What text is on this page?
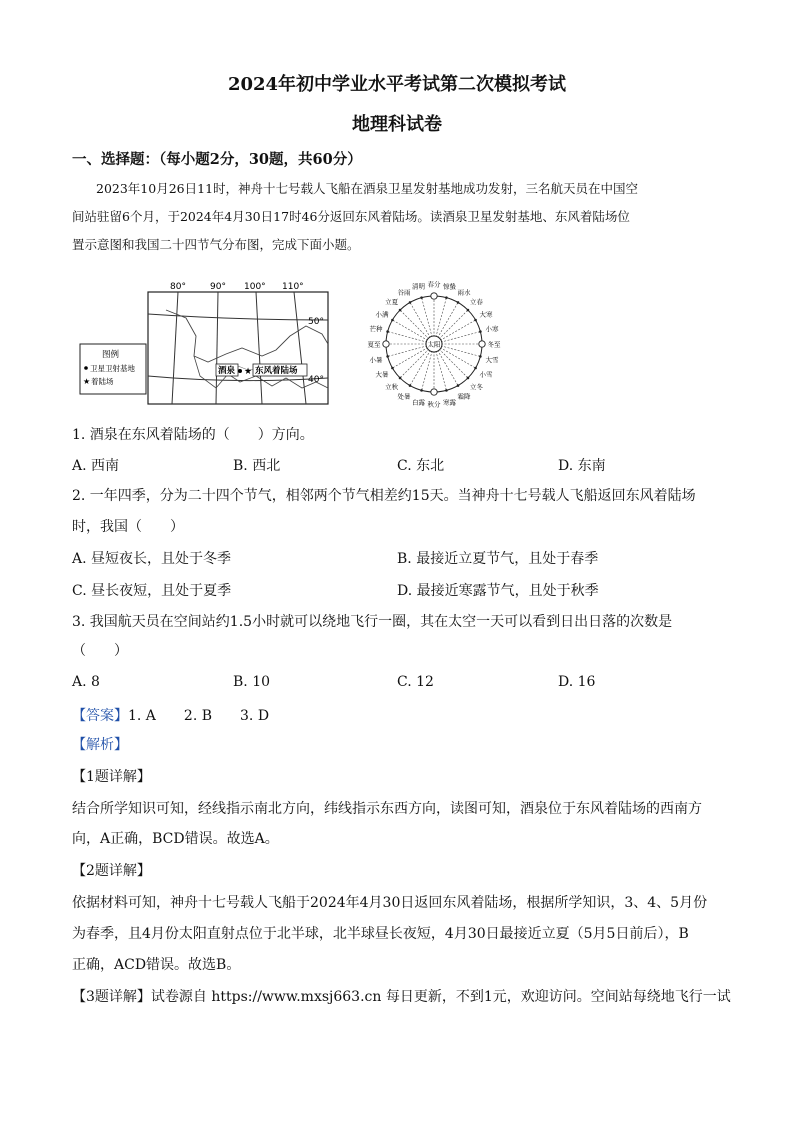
2024年初中学业水平考试第二次模拟考试
地理科试卷
一、选择题：（每小题2分，30题，共60分）
2023年10月26日11时，神舟十七号载人飞船在酒泉卫星发射基地成功发射，三名航天员在中国空
间站驻留6个月，于2024年4月30日17时46分返回东风着陆场。读酒泉卫星发射基地、东风着陆场位
置示意图和我国二十四节气分布图，完成下面小题。
80°	90° 100° 110°
50°
40°
酒泉 ★ 东风着陆场
图例
卫星卫射基地
★ 着陆场
春分 惊蛰
雨水
立春
大寒
小寒
冬至
大雪
小雪
立冬
霜降
寒露
秋分
白露
处暑
立秋
大暑
小暑
夏至
芒种
小满
立夏
谷雨
清明
太阳
1. 酒泉在东风着陆场的（　　）方向。
A. 西南	B. 西北	C. 东北	D. 东南
2. 一年四季，分为二十四个节气，相邻两个节气相差约15天。当神舟十七号载人飞船返回东风着陆场
时，我国（　　）
A. 昼短夜长，且处于冬季	B. 最接近立夏节气，且处于春季
C. 昼长夜短，且处于夏季	D. 最接近寒露节气，且处于秋季
3. 我国航天员在空间站约1.5小时就可以绕地飞行一圈，其在太空一天可以看到日出日落的次数是
（　　）
A. 8	B. 10	C. 12	D. 16
【答案】1. A　　2. B　　3. D
【解析】
【1题详解】
结合所学知识可知，经线指示南北方向，纬线指示东西方向，读图可知，酒泉位于东风着陆场的西南方
向，A正确，BCD错误。故选A。
【2题详解】
依据材料可知，神舟十七号载人飞船于2024年4月30日返回东风着陆场，根据所学知识，3、4、5月份
为春季，且4月份太阳直射点位于北半球，北半球昼长夜短，4月30日最接近立夏（5月5日前后），B
正确，ACD错误。故选B。
【3题详解】试卷源自 https://www.mxsj663.cn 每日更新，不到1元，欢迎访问。空间站每绕地飞行一试
